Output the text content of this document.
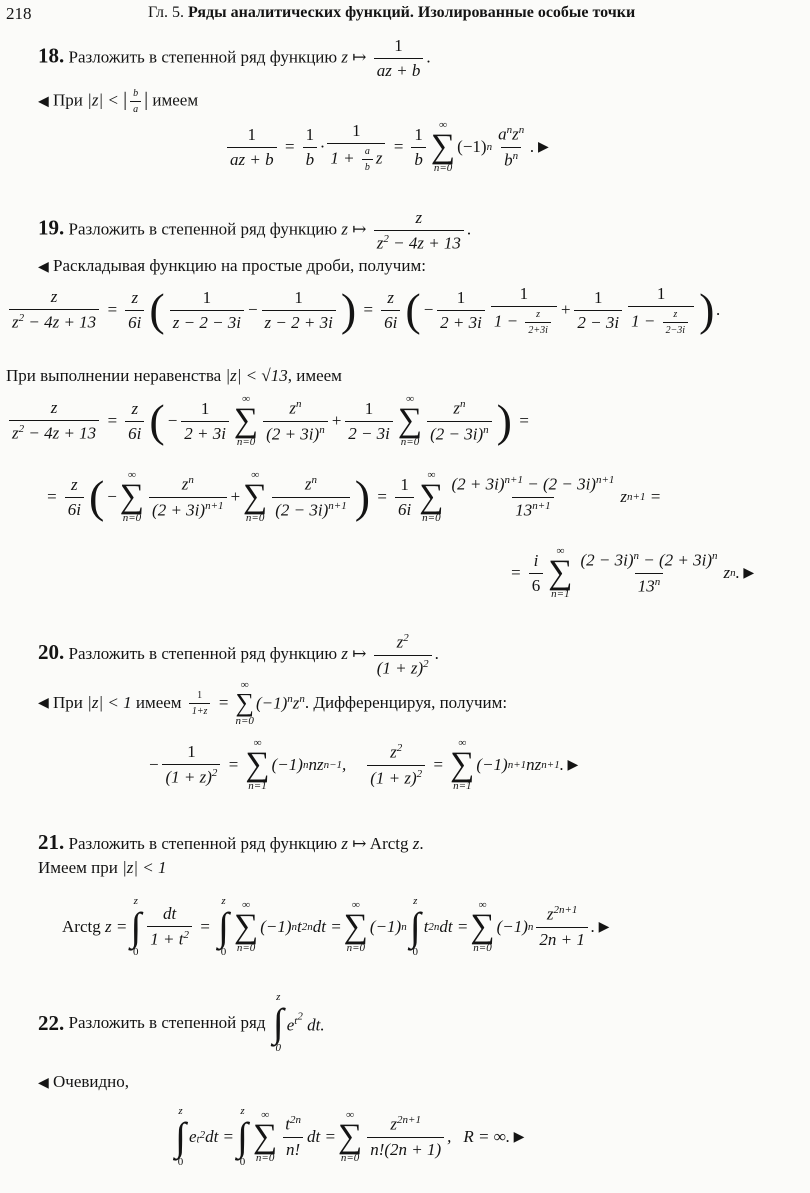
218	Гл. 5. Ряды аналитических функций. Изолированные особые точки
18. Разложить в степенной ряд функцию z ↦ $\frac{1}{az + b}$ .
◀ При |z| < | $\frac{b}{a}$ | имеем
$\frac{1}{az + b} = \frac{1}{b} \cdot \frac{1}{1 + \frac{a}{b} z} = \frac{1}{b}$ ∞
∑
n=0
(−1) n $\frac{a^nz^n}{b^n}$ . ▶
19. Разложить в степенной ряд функцию z ↦ $\frac{z}{z^2 - 4z + 13}$ .
◀ Раскладывая функцию на простые дроби, получим:
$\frac{z}{z^2 - 4z + 13} = \frac{z}{6i}$ ( $\frac{1}{z - 2 - 3i} - \frac{1}{z - 2 + 3i}$ ) = $\frac{z}{6i}$ ( − $\frac{1}{2 + 3i} \frac{1}{1 - \frac{z}{2+3i}} + \frac{1}{2 - 3i} \frac{1}{1 - \frac{z}{2-3i}}$ ) .
При выполнении неравенства |z| < √13, имеем
$\frac{z}{z^2 - 4z + 13} = \frac{z}{6i}$ ( − $\frac{1}{2 + 3i}$ ∞
∑
$n=0 \frac{z^n}{(2 + 3i)^n} + \frac{1}{2 - 3i}$ ∞
∑
$n=0 \frac{z^n}{(2 - 3i)^n}$ ) =
= $\frac{z}{6i}$ ( −
∞
∑
$n=0 \frac{z^n}{(2 + 3i)^{n+1}}$ +
∞
∑
$n=0 \frac{z^n}{(2 - 3i)^{n+1}}$ ) = $\frac{1}{6i}$ ∞
∑
$n=0 \frac{(2 + 3i)^{n+1} - (2 - 3i)^{n+1}}{13^{n+1}}$ z n+1 =
= $\frac{i}{6}$ ∞
∑
$n=1 \frac{(2 - 3i)^n - (2 + 3i)^n}{13^n}$ z n . ▶
20. Разложить в степенной ряд функцию z ↦ $\frac{z^2}{(1 + z)^2}$ .
◀
При
|z| < 1
имеем
$\frac{1}{1+z}$ =
∞
∑
n=0
$(-1)^nz^n$ . Дифференцируя, получим:
− $\frac{1}{(1 + z)^2}$ =
∞
∑
n=1
(−1) n nz n−1 , $\frac{z^2}{(1 + z)^2}$ =
∞
∑
n=1
(−1) n+1 nz n+1 . ▶
21. Разложить в степенной ряд функцию z ↦ Arctg z.
Имеем при |z| < 1
Arctg z =
z
∫
0
$\frac{dt}{1 + t^2}$ =
z
∫
0
∞
∑
n=0
(−1) n t 2n dt =
∞
∑
n=0
(−1) n
z
∫
0
t 2n dt =
∞
∑
n=0
(−1) n $\frac{z^{2n+1}}{2n + 1}$ . ▶
22.
Разложить в степенной ряд

z
∫
0
$e^{t^2}$ dt.
◀ Очевидно,
z
∫
0
e $t^2$ dt =
z
∫
0
∞
∑
$n=0 \frac{t^{2n}}{n!}$ dt =
∞
∑
$n=0 \frac{z^{2n+1}}{n!(2n + 1)}$ , R = ∞. ▶
